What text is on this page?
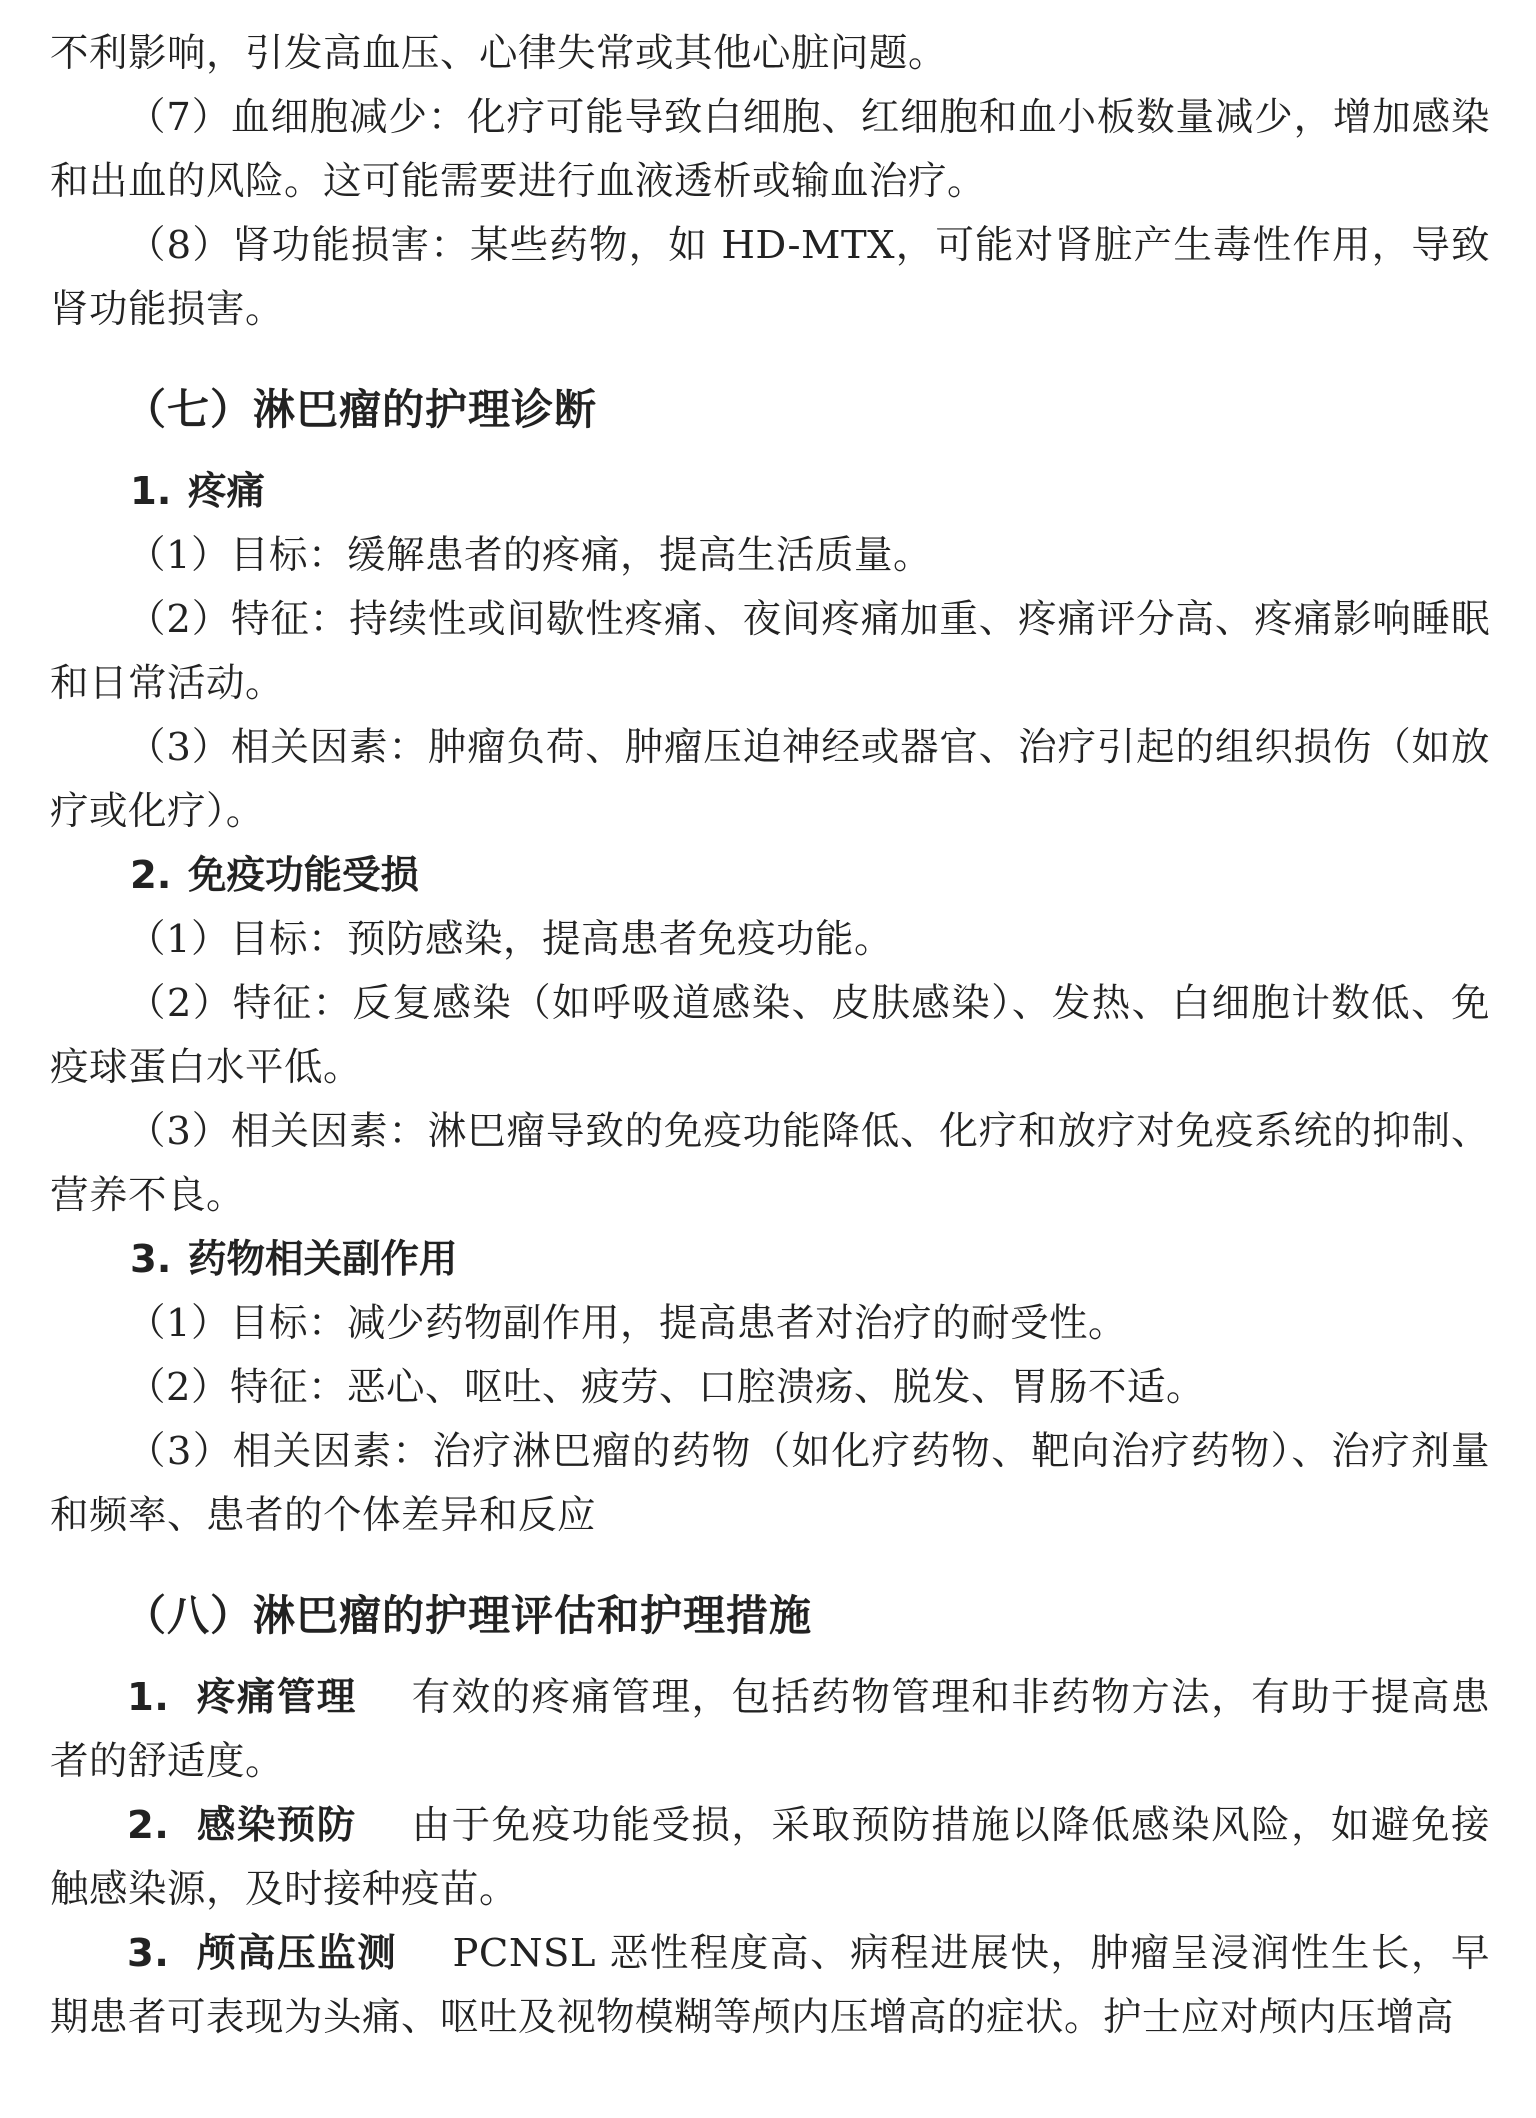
不利影响，引发高血压、心律失常或其他心脏问题。

（7）血细胞减少：化疗可能导致白细胞、红细胞和血小板数量减少，增加感染和出血的风险。这可能需要进行血液透析或输血治疗。

（8）肾功能损害：某些药物，如 HD-MTX，可能对肾脏产生毒性作用，导致肾功能损害。

（七）淋巴瘤的护理诊断
1. 疼痛

（1）目标：缓解患者的疼痛，提高生活质量。

（2）特征：持续性或间歇性疼痛、夜间疼痛加重、疼痛评分高、疼痛影响睡眠和日常活动。

（3）相关因素：肿瘤负荷、肿瘤压迫神经或器官、治疗引起的组织损伤（如放疗或化疗）。

2. 免疫功能受损

（1）目标：预防感染，提高患者免疫功能。

（2）特征：反复感染（如呼吸道感染、皮肤感染）、发热、白细胞计数低、免疫球蛋白水平低。

（3）相关因素：淋巴瘤导致的免疫功能降低、化疗和放疗对免疫系统的抑制、营养不良。

3. 药物相关副作用

（1）目标：减少药物副作用，提高患者对治疗的耐受性。

（2）特征：恶心、呕吐、疲劳、口腔溃疡、脱发、胃肠不适。

（3）相关因素：治疗淋巴瘤的药物（如化疗药物、靶向治疗药物）、治疗剂量和频率、患者的个体差异和反应

（八）淋巴瘤的护理评估和护理措施

1. 疼痛管理 有效的疼痛管理，包括药物管理和非药物方法，有助于提高患者的舒适度。

2. 感染预防 由于免疫功能受损，采取预防措施以降低感染风险，如避免接触感染源，及时接种疫苗。

3. 颅高压监测 PCNSL 恶性程度高、病程进展快，肿瘤呈浸润性生长，早期患者可表现为头痛、呕吐及视物模糊等颅内压增高的症状。护士应对颅内压增高
